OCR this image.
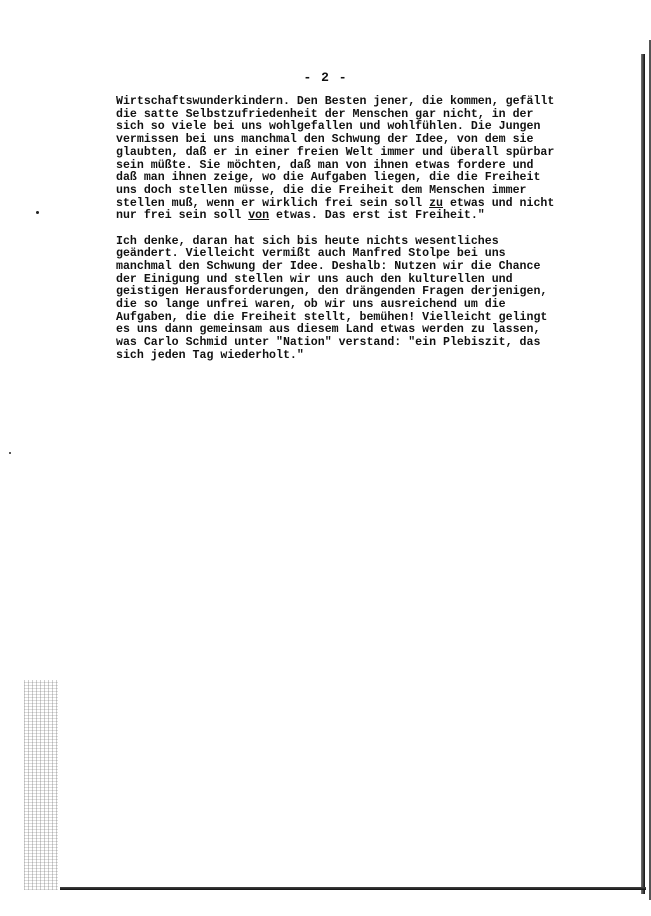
- 2 -
Wirtschaftswunderkindern. Den Besten jener, die kommen, gefällt
die satte Selbstzufriedenheit der Menschen gar nicht, in der
sich so viele bei uns wohlgefallen und wohlfühlen. Die Jungen
vermissen bei uns manchmal den Schwung der Idee, von dem sie
glaubten, daß er in einer freien Welt immer und überall spürbar
sein müßte. Sie möchten, daß man von ihnen etwas fordere und
daß man ihnen zeige, wo die Aufgaben liegen, die die Freiheit
uns doch stellen müsse, die die Freiheit dem Menschen immer
stellen muß, wenn er wirklich frei sein soll zu etwas und nicht
nur frei sein soll von etwas. Das erst ist Freiheit."
Ich denke, daran hat sich bis heute nichts wesentliches
geändert. Vielleicht vermißt auch Manfred Stolpe bei uns
manchmal den Schwung der Idee. Deshalb: Nutzen wir die Chance
der Einigung und stellen wir uns auch den kulturellen und
geistigen Herausforderungen, den drängenden Fragen derjenigen,
die so lange unfrei waren, ob wir uns ausreichend um die
Aufgaben, die die Freiheit stellt, bemühen! Vielleicht gelingt
es uns dann gemeinsam aus diesem Land etwas werden zu lassen,
was Carlo Schmid unter "Nation" verstand: "ein Plebiszit, das
sich jeden Tag wiederholt."
